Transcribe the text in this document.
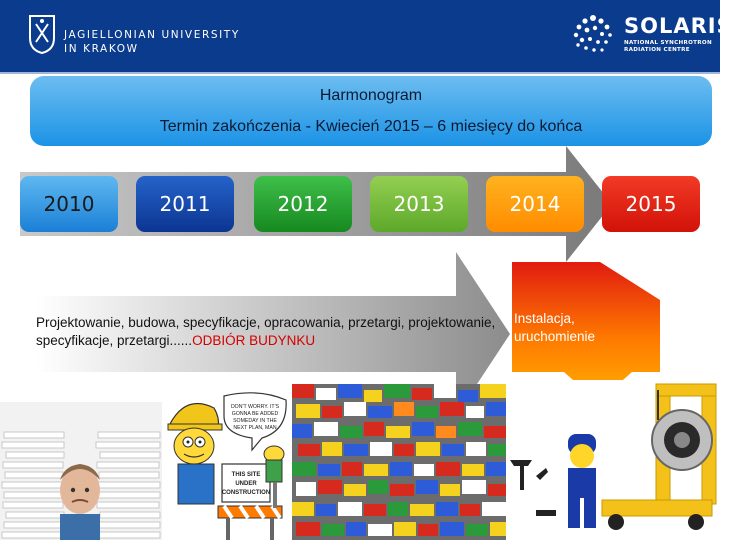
JAGIELLONIAN UNIVERSITY
IN KRAKOW
SOLARIS
NATIONAL SYNCHROTRON
RADIATION CENTRE
Harmonogram
Termin zakończenia - Kwiecień 2015 – 6 miesięcy do końca
2010	2011	2012	2013	2014	2015
Projektowanie, budowa, specyfikacje, opracowania, przetargi, projektowanie, specyfikacje, przetargi......ODBIÓR BUDYNKU
Instalacja, uruchomienie
DON'T WORRY. IT'S
GONNA BE ADDED
SOMEDAY IN THE
NEXT PLAN, MAN
THIS SITE
UNDER
CONSTRUCTION
